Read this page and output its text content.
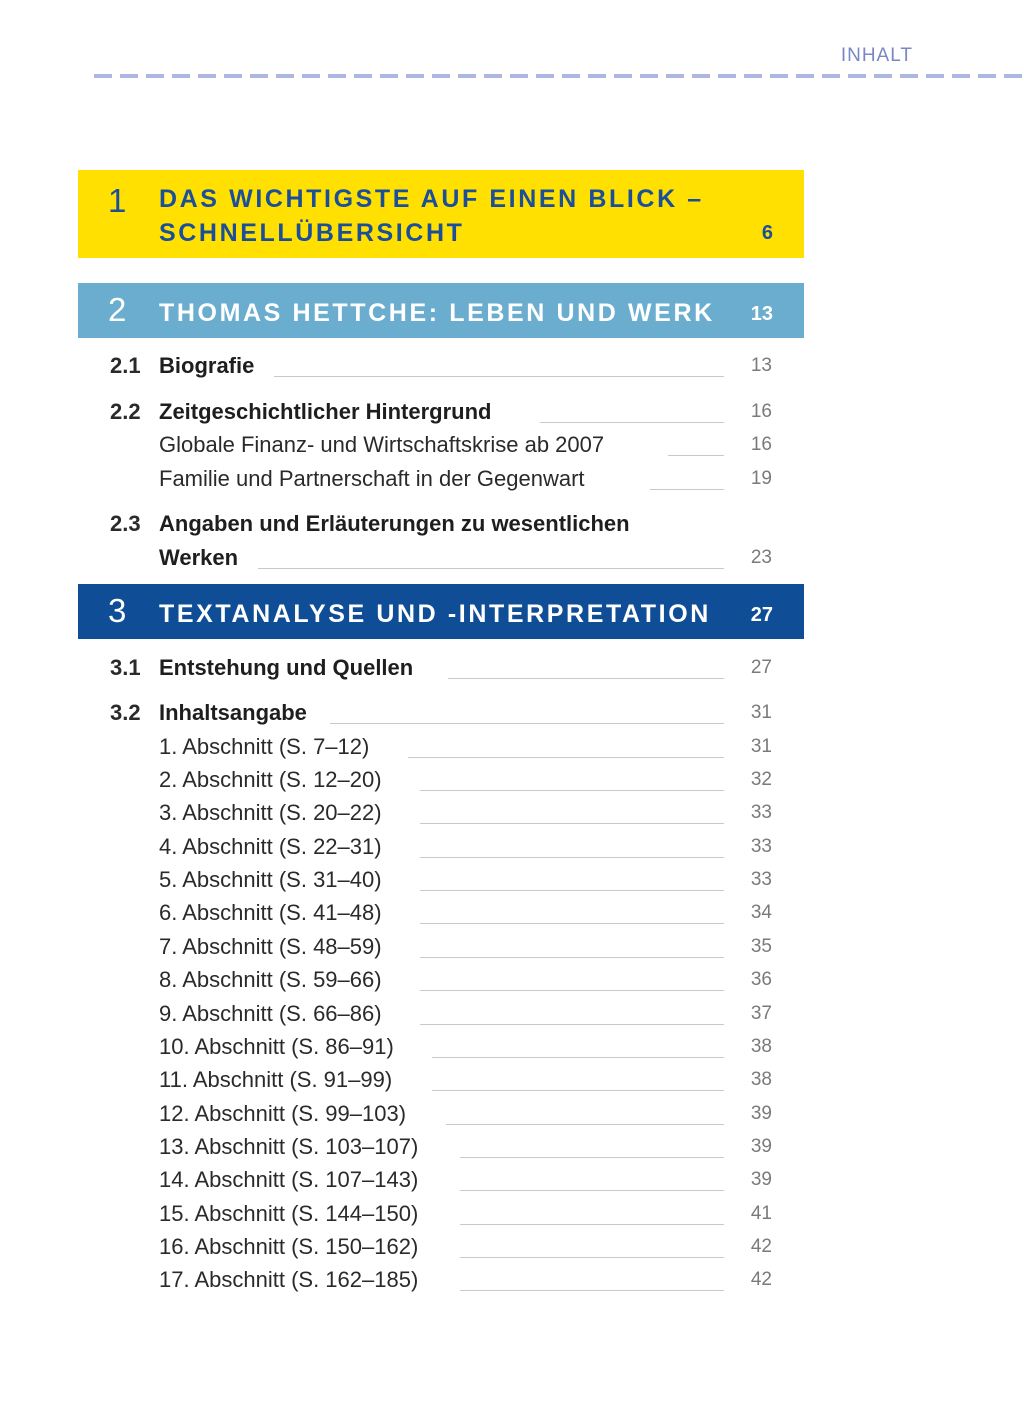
INHALT
1 DAS WICHTIGSTE AUF EINEN BLICK –
SCHNELLÜBERSICHT	6
2 THOMAS HETTCHE: LEBEN UND WERK 13
3 TEXTANALYSE UND -INTERPRETATION 27
2.1 Biografie	13
2.2 Zeitgeschichtlicher Hintergrund	16
Globale Finanz- und Wirtschaftskrise ab 2007	16
Familie und Partnerschaft in der Gegenwart	19
2.3 Angaben und Erläuterungen zu wesentlichen
Werken	23
3.1 Entstehung und Quellen	27
3.2 Inhaltsangabe	31
1. Abschnitt (S. 7–12)	31
2. Abschnitt (S. 12–20)	32
3. Abschnitt (S. 20–22)	33
4. Abschnitt (S. 22–31)	33
5. Abschnitt (S. 31–40)	33
6. Abschnitt (S. 41–48)	34
7. Abschnitt (S. 48–59)	35
8. Abschnitt (S. 59–66)	36
9. Abschnitt (S. 66–86)	37
10. Abschnitt (S. 86–91)	38
11. Abschnitt (S. 91–99)	38
12. Abschnitt (S. 99–103)	39
13. Abschnitt (S. 103–107)	39
14. Abschnitt (S. 107–143)	39
15. Abschnitt (S. 144–150)	41
16. Abschnitt (S. 150–162)	42
17. Abschnitt (S. 162–185)	42
